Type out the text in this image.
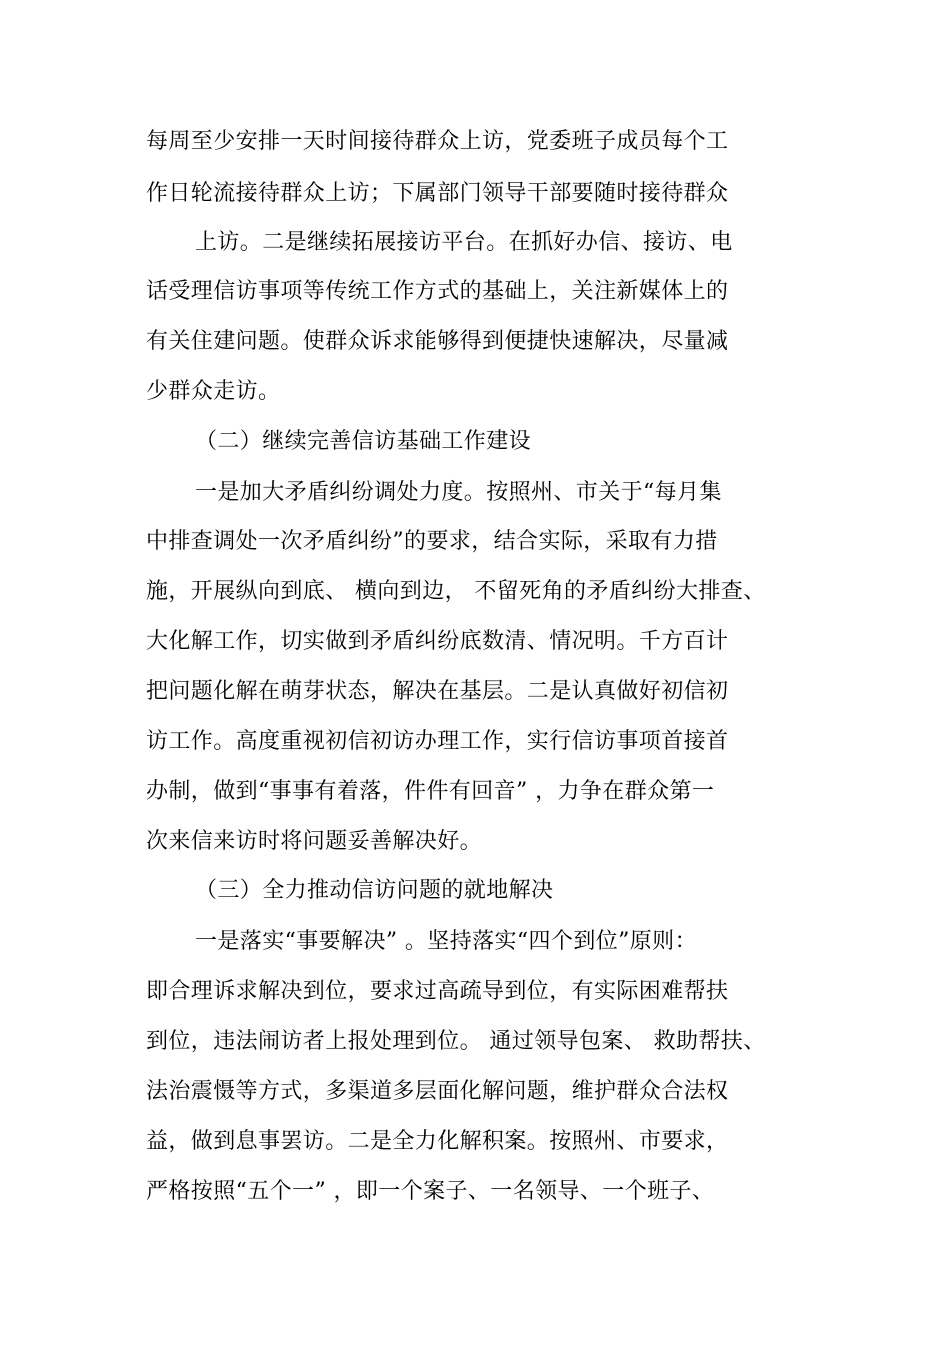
每周至少安排一天时间接待群众上访，党委班子成员每个工
作日轮流接待群众上访；下属部门领导干部要随时接待群众
上访。二是继续拓展接访平台。在抓好办信、接访、电
话受理信访事项等传统工作方式的基础上，关注新媒体上的
有关住建问题。使群众诉求能够得到便捷快速解决，尽量减
少群众走访。
（二）继续完善信访基础工作建设
一是加大矛盾纠纷调处力度。按照州、市关于“每月集
中排查调处一次矛盾纠纷”的要求，结合实际，采取有力措
施，开展纵向到底、 横向到边， 不留死角的矛盾纠纷大排查、
大化解工作，切实做到矛盾纠纷底数清、情况明。千方百计
把问题化解在萌芽状态，解决在基层。二是认真做好初信初
访工作。高度重视初信初访办理工作，实行信访事项首接首
办制，做到“事事有着落，件件有回音” ，力争在群众第一
次来信来访时将问题妥善解决好。
（三）全力推动信访问题的就地解决
一是落实“事要解决” 。坚持落实“四个到位”原则：
即合理诉求解决到位，要求过高疏导到位，有实际困难帮扶
到位，违法闹访者上报处理到位。 通过领导包案、 救助帮扶、
法治震慑等方式，多渠道多层面化解问题，维护群众合法权
益，做到息事罢访。二是全力化解积案。按照州、市要求，
严格按照“五个一” ，即一个案子、一名领导、一个班子、
